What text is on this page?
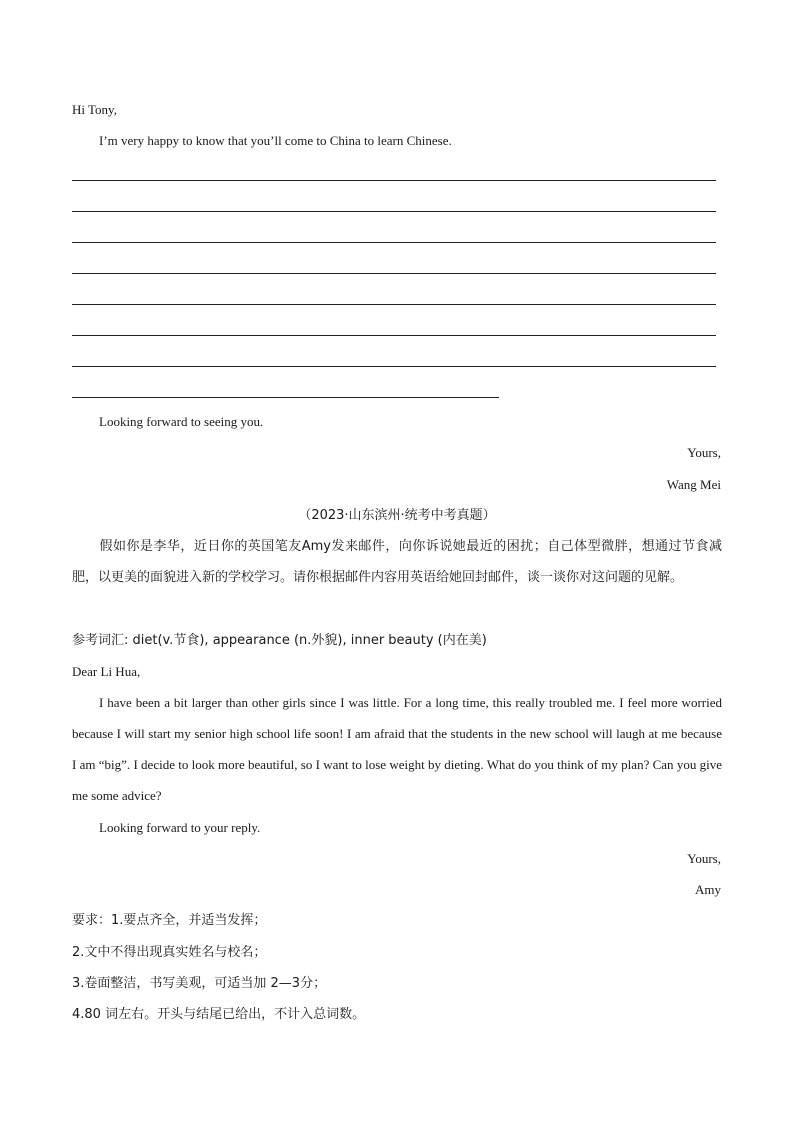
Hi Tony,
I’m very happy to know that you’ll come to China to learn Chinese.
Looking forward to seeing you.
Yours,
Wang Mei
（2023·山东滨州·统考中考真题）
假如你是李华，近日你的英国笔友Amy发来邮件，向你诉说她最近的困扰；自己体型微胖，想通过节食减肥，以更美的面貌进入新的学校学习。请你根据邮件内容用英语给她回封邮件，谈一谈你对这问题的见解。
参考词汇: diet(v.节食), appearance (n.外貌), inner beauty (内在美)
Dear Li Hua,
I have been a bit larger than other girls since I was little. For a long time, this really troubled me. I feel more worried because I will start my senior high school life soon! I am afraid that the students in the new school will laugh at me because I am “big”. I decide to look more beautiful, so I want to lose weight by dieting. What do you think of my plan? Can you give me some advice?
Looking forward to your reply.
Yours,
Amy
要求：1.要点齐全，并适当发挥；
2.文中不得出现真实姓名与校名；
3.卷面整洁，书写美观，可适当加 2—3分；
4.80 词左右。开头与结尾已给出，不计入总词数。
